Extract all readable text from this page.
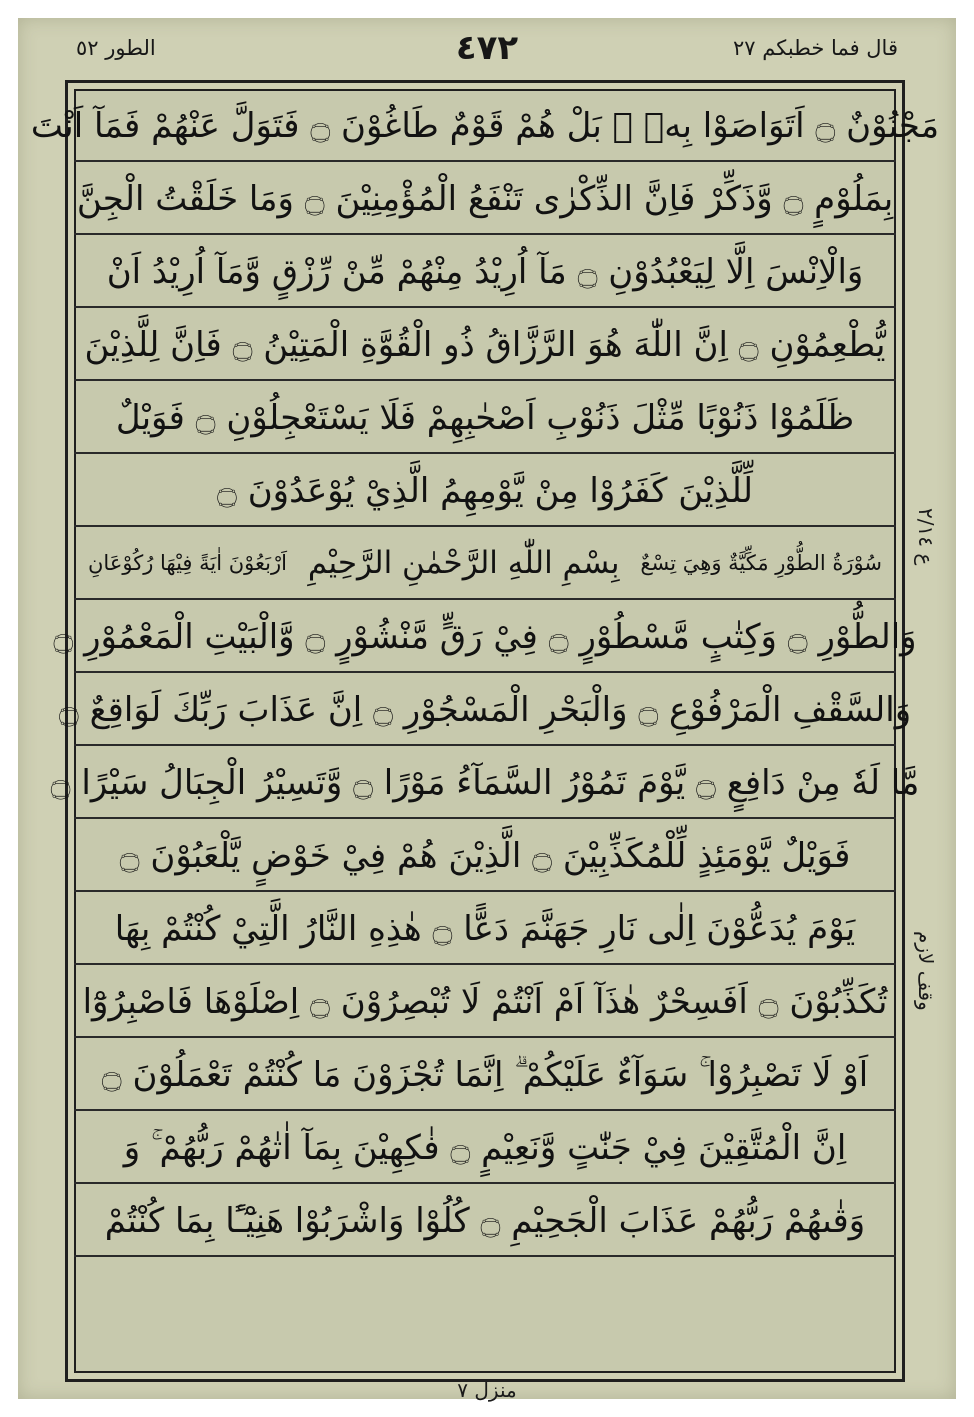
قال فما خطبکم ٢٧
٤٧٢
الطور ٥٢
مَجْنُوْنٌ ۝ اَتَوَاصَوْا بِهٖ ۚ بَلْ هُمْ قَوْمٌ طَاغُوْنَ ۝ فَتَوَلَّ عَنْهُمْ فَمَآ اَنْتَ
بِمَلُوْمٍ ۝ وَّذَكِّرْ فَاِنَّ الذِّكْرٰى تَنْفَعُ الْمُؤْمِنِيْنَ ۝ وَمَا خَلَقْتُ الْجِنَّ
وَالْاِنْسَ اِلَّا لِيَعْبُدُوْنِ ۝ مَآ اُرِيْدُ مِنْهُمْ مِّنْ رِّزْقٍ وَّمَآ اُرِيْدُ اَنْ
يُّطْعِمُوْنِ ۝ اِنَّ اللّٰهَ هُوَ الرَّزَّاقُ ذُو الْقُوَّةِ الْمَتِيْنُ ۝ فَاِنَّ لِلَّذِيْنَ
ظَلَمُوْا ذَنُوْبًا مِّثْلَ ذَنُوْبِ اَصْحٰبِهِمْ فَلَا يَسْتَعْجِلُوْنِ ۝ فَوَيْلٌ
لِّلَّذِيْنَ كَفَرُوْا مِنْ يَّوْمِهِمُ الَّذِيْ يُوْعَدُوْنَ ۝
سُوْرَةُ الطُّوْرِ مَكِّيَّةٌ وَهِيَ تِسْعٌ
بِسْمِ اللّٰهِ الرَّحْمٰنِ الرَّحِيْمِ
اَرْبَعُوْنَ اٰيَةً فِيْهَا رُكُوْعَانِ
وَالطُّوْرِ ۝ وَكِتٰبٍ مَّسْطُوْرٍ ۝ فِيْ رَقٍّ مَّنْشُوْرٍ ۝ وَّالْبَيْتِ الْمَعْمُوْرِ ۝
وَالسَّقْفِ الْمَرْفُوْعِ ۝ وَالْبَحْرِ الْمَسْجُوْرِ ۝ اِنَّ عَذَابَ رَبِّكَ لَوَاقِعٌ ۝
مَّا لَهٗ مِنْ دَافِعٍ ۝ يَّوْمَ تَمُوْرُ السَّمَآءُ مَوْرًا ۝ وَّتَسِيْرُ الْجِبَالُ سَيْرًا ۝
فَوَيْلٌ يَّوْمَئِذٍ لِّلْمُكَذِّبِيْنَ ۝ الَّذِيْنَ هُمْ فِيْ خَوْضٍ يَّلْعَبُوْنَ ۝
يَوْمَ يُدَعُّوْنَ اِلٰى نَارِ جَهَنَّمَ دَعًّا ۝ هٰذِهِ النَّارُ الَّتِيْ كُنْتُمْ بِهَا
تُكَذِّبُوْنَ ۝ اَفَسِحْرٌ هٰذَآ اَمْ اَنْتُمْ لَا تُبْصِرُوْنَ ۝ اِصْلَوْهَا فَاصْبِرُوْٓا
اَوْ لَا تَصْبِرُوْا ۚ سَوَآءٌ عَلَيْكُمْ ۗ اِنَّمَا تُجْزَوْنَ مَا كُنْتُمْ تَعْمَلُوْنَ ۝
اِنَّ الْمُتَّقِيْنَ فِيْ جَنّٰتٍ وَّنَعِيْمٍ ۝ فٰكِهِيْنَ بِمَآ اٰتٰهُمْ رَبُّهُمْ ۚ وَ
وَقٰىهُمْ رَبُّهُمْ عَذَابَ الْجَحِيْمِ ۝ كُلُوْا وَاشْرَبُوْا هَنِيْٓـًٔا بِمَا كُنْتُمْ
ع ٢/١٤
وقف لازم
منزل ٧
